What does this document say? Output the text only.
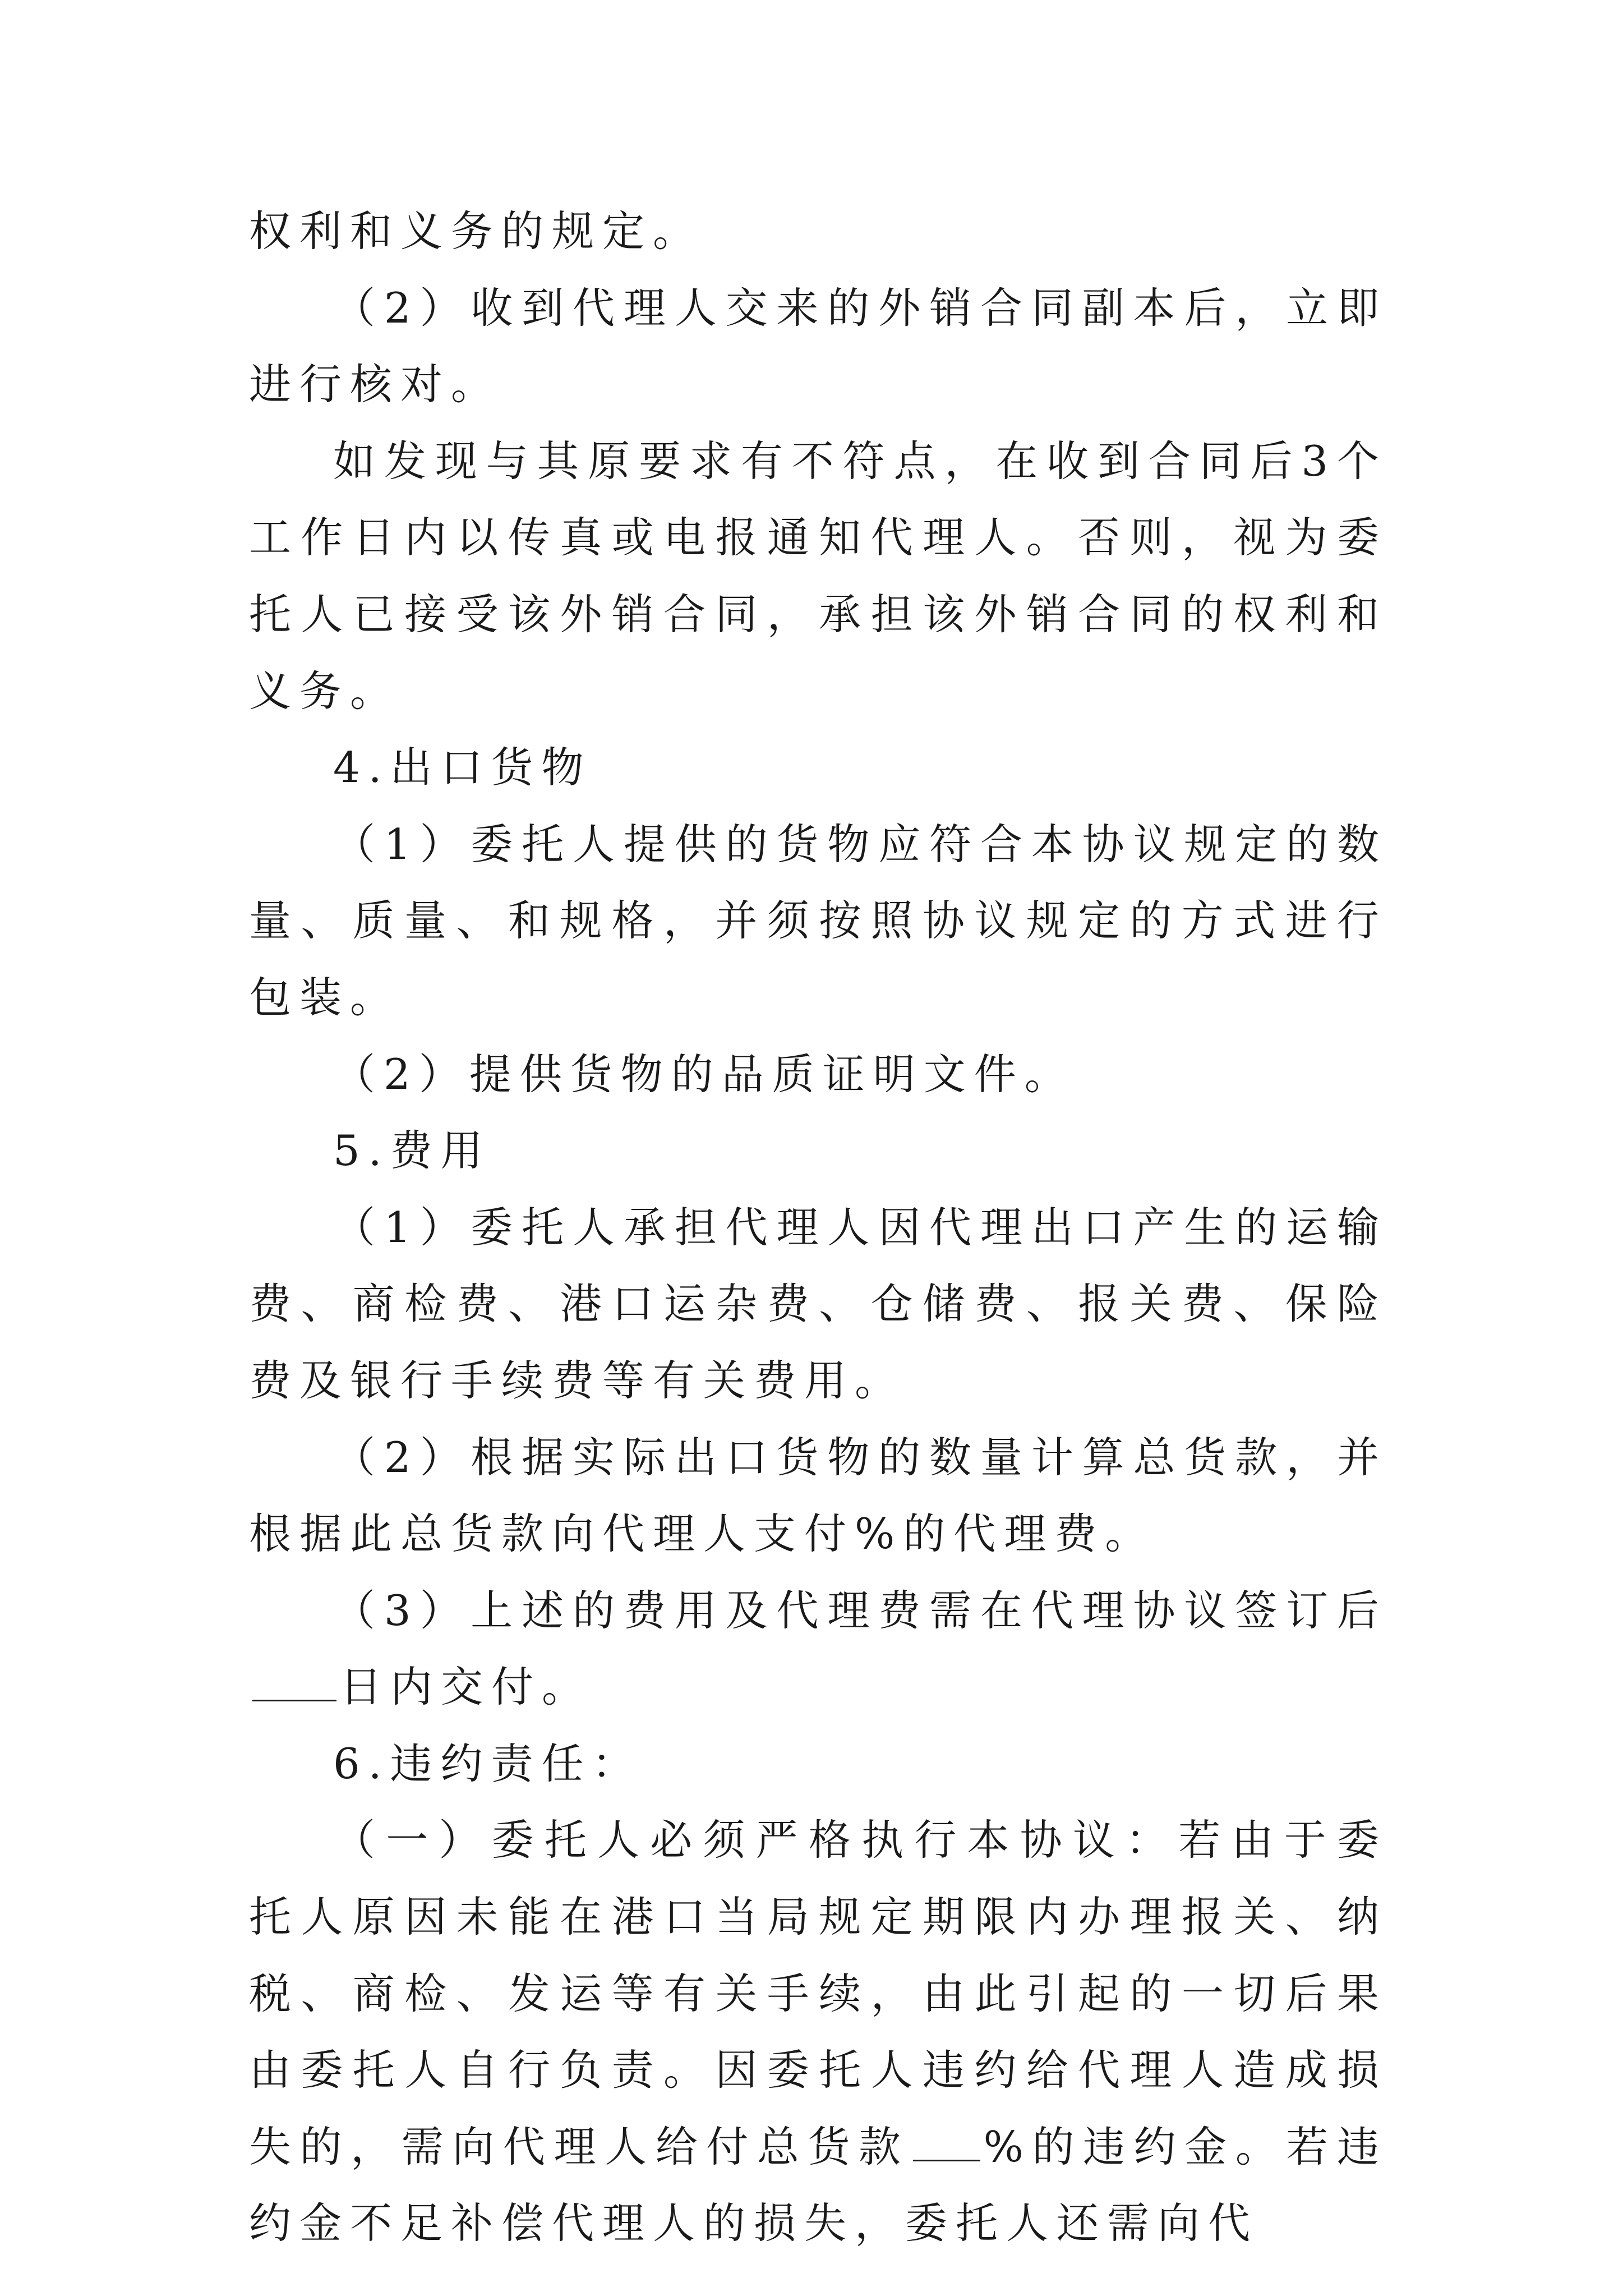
权利和义务的规定。

（2）收到代理人交来的外销合同副本后，立即进行核对。

如发现与其原要求有不符点，在收到合同后3个工作日内以传真或电报通知代理人。否则，视为委托人已接受该外销合同，承担该外销合同的权利和义务。

4.出口货物

（1）委托人提供的货物应符合本协议规定的数量、质量、和规格，并须按照协议规定的方式进行包装。

（2）提供货物的品质证明文件。

5.费用

（1）委托人承担代理人因代理出口产生的运输费、商检费、港口运杂费、仓储费、报关费、保险费及银行手续费等有关费用。

（2）根据实际出口货物的数量计算总货款，并根据此总货款向代理人支付%的代理费。

（3）上述的费用及代理费需在代理协议签订后日内交付。

6.违约责任：

（一）委托人必须严格执行本协议：若由于委托人原因未能在港口当局规定期限内办理报关、纳税、商检、发运等有关手续，由此引起的一切后果由委托人自行负责。因委托人违约给代理人造成损失的，需向代理人给付总货款 %的违约金。若违约金不足补偿代理人的损失，委托人还需向代
